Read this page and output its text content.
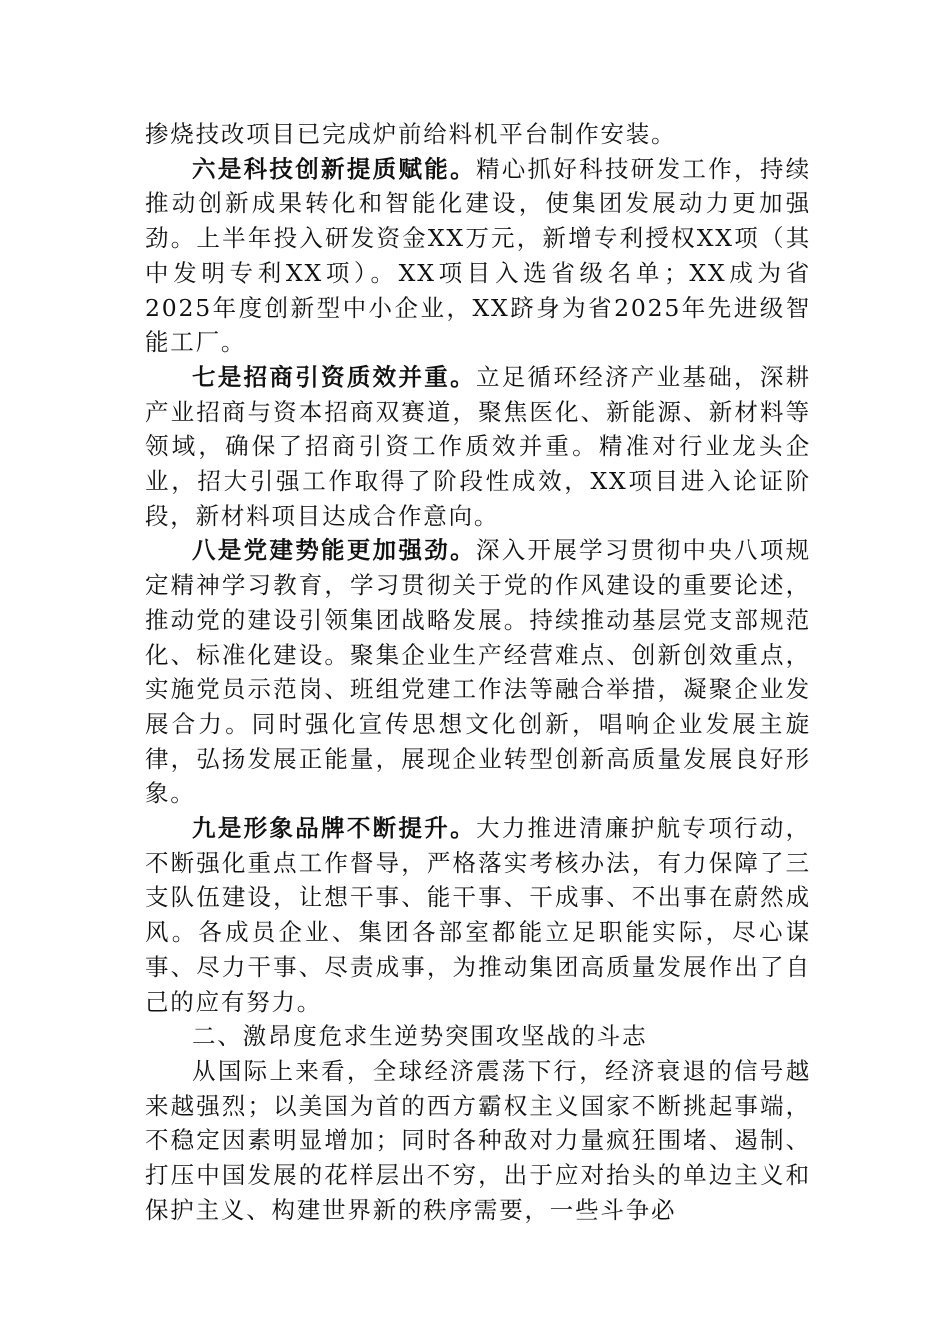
掺烧技改项目已完成炉前给料机平台制作安装。

六是科技创新提质赋能。精心抓好科技研发工作，持续推动创新成果转化和智能化建设，使集团发展动力更加强劲。上半年投入研发资金XX万元，新增专利授权XX项（其中发明专利XX项）。XX项目入选省级名单；XX成为省2025年度创新型中小企业，XX跻身为省2025年先进级智能工厂。

七是招商引资质效并重。立足循环经济产业基础，深耕产业招商与资本招商双赛道，聚焦医化、新能源、新材料等领域，确保了招商引资工作质效并重。精准对行业龙头企业，招大引强工作取得了阶段性成效，XX项目进入论证阶段，新材料项目达成合作意向。

八是党建势能更加强劲。深入开展学习贯彻中央八项规定精神学习教育，学习贯彻关于党的作风建设的重要论述，推动党的建设引领集团战略发展。持续推动基层党支部规范化、标准化建设。聚集企业生产经营难点、创新创效重点，实施党员示范岗、班组党建工作法等融合举措，凝聚企业发展合力。同时强化宣传思想文化创新，唱响企业发展主旋律，弘扬发展正能量，展现企业转型创新高质量发展良好形象。

九是形象品牌不断提升。大力推进清廉护航专项行动，不断强化重点工作督导，严格落实考核办法，有力保障了三支队伍建设，让想干事、能干事、干成事、不出事在蔚然成风。各成员企业、集团各部室都能立足职能实际，尽心谋事、尽力干事、尽责成事，为推动集团高质量发展作出了自己的应有努力。

二、激昂度危求生逆势突围攻坚战的斗志

从国际上来看，全球经济震荡下行，经济衰退的信号越来越强烈；以美国为首的西方霸权主义国家不断挑起事端，不稳定因素明显增加；同时各种敌对力量疯狂围堵、遏制、打压中国发展的花样层出不穷，出于应对抬头的单边主义和保护主义、构建世界新的秩序需要，一些斗争必
